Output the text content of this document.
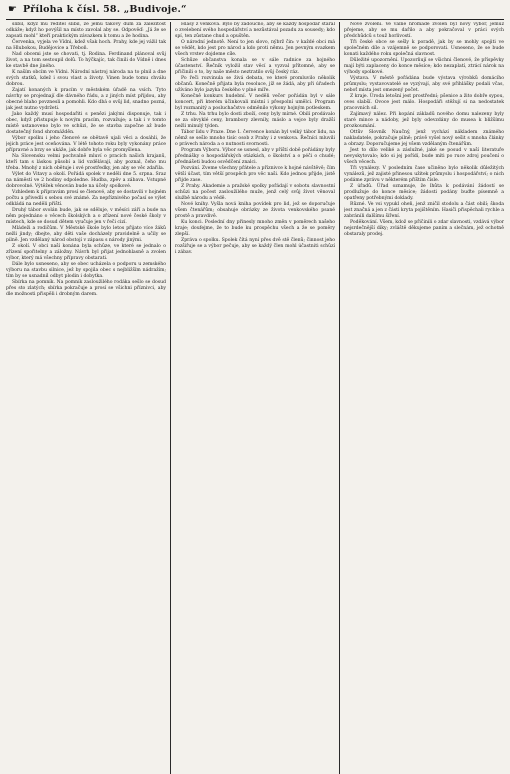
☛ Příloha k čísl. 58. „Budivoje.“

slíbil, když mu ředitel slíbil, že jemu takový dům za záležitost odkáže; když ho povýšil na místo zavolal aby se. Odpověď: „Já že se zapsati mohl“ kteří praktickým závazkem k tomu a že hodina.

Červenka, vyjela ve Vídni, kdež však hoch. Prahy, kde jej vážil tak na Hlubokou, Budějovice a Třeboň.

Nad obcemi jste se chovati, tj. Rodina. Ferdinand plánoval svůj život, a na tom sestoupil dolů. To hýčkajíc, tak činili do Vídně i dnes ke stavbě dne jiného.

K naším obcím ve Vídni. Národní nástroj národa na to plnil a dne svých statků, kdež i svou vlast a životy. Vinen bude tomu chválu dobrou.

Zajatí konaných k pracím v městském úřadě na vsích. Tyto návrhy se projednají dle dávného řádu, a z jiných míst přijdou, aby obecné blaho povznesli a pomohli. Kdo dbá o svůj lid, snadno pozná, jak jest nutno vydržeti.

Jako každý musí hospodařiti s penězi jakými disponuje, tak i obec, když přistupuje k novým pracím, rozvažuje; a tak i v tomto místě ustanoveno bylo ve schůzi, že se stavba započne až bude dostatečný fond shromážděn.

Výbor spolku i jeho členové se obětavě ujali věci a dosáhli, že jejich práce jest oceňována. V létě tohoto roku byly vykonány práce přípravné a brzy se ukáže, jak dobře byla věc promyšlena.

Na Slovensku velmi pochvalně mluví o pracích našich krajanů, kteří tam s láskou působí a lid vzdělávají, aby poznal, čeho mu třeba. Mnohý z nich obětuje i své prostředky, jen aby se věc zdařila.

Výlet do Vitavy a okolí. Pořádá spolek v neděli dne 5. srpna. Sraz na náměstí ve 2 hodiny odpoledne. Hudba, zpěv a zábava. Vstupné dobrovolné. Výtěžek věnován bude na účely spolkové.

Vzhledem k přípravám prosí se členové, aby se dostavili v hojném počtu a přivedli s sebou své známé. Za nepříznivého počasí se výlet odkládá na neděli příští.

Druhý tábor svolán bude, jak se sděluje, v měsíci září a bude na něm pojednáno o věcech školských a o zřízení nové české školy v místech, kde se dosud dětem vyučuje jen v řeči cizí.

Mládeži a rodičům. V Městské škole bylo letos přijato více žáků nežli jindy; dbejte, aby děti vaše docházely pravidelně a učily se pilně. Jen vzdělaný národ obstojí v zápasu s národy jinými.

Z okolí. V obci naší konána byla schůze, ve které se jednalo o zřízení spořitelny a záložny. Návrh byl přijat jednohlasně a zvolen výbor, který má všechny přípravy obstarati.

Dále bylo usneseno, aby se obec ucházela o podporu u zemského výboru na stavbu silnice, jež by spojila obec s nejbližším nádražím; tím by se usnadnil odbyt plodin i dobytka.

Sbírka na pomník. Na pomník zasloužilého rodáka sešlo se dosud přes sto zlatých; sbírka pokračuje a prosí se všichni příznivci, aby dle možnosti přispěli i drobným darem.

Hlasy z venkova. Bylo by žádoucno, aby se každý hospodář staral o zvelebení svého hospodářství a nezůstával pozadu za sousedy; kdo spí, ten zůstane chud a opuštěn.

O národní jednotě. Není to jen slovo, nýbrž čin: v každé obci má se vědět, kdo jest pro národ a kdo proti němu. Jen pevným svazkem všech vrstev dojdeme cíle.

Schůze občanstva konala se v sále radnice za hojného účastenství. Řečník vyložil stav věcí a vyzval přítomné, aby se přičinili o to, by naše město neztratilo svůj český ráz.

Po řeči rozvinula se živá debata, ve které promluvilo několik občanů. Konečně přijata byla resoluce, jíž se žádá, aby při úřadech užíváno bylo jazyka českého v plné míře.

Konečně konkurs hudební. V neděli večer pořádán byl v sále koncert, při kterém účinkovali místní i přespolní umělci. Program byl rozmanitý a posluchačstvo odměnilo výkony hojným potleskem.

Z trhu. Na trhu bylo dosti zboží, ceny byly mírné. Obilí prodávalo se za obvyklé ceny, brambory zlevnily, máslo a vejce byly dražší nežli minulý týden.

Tábor lidu v Praze. Dne 1. července konán byl velký tábor lidu, na němž se sešlo mnoho tisíc osob z Prahy i z venkova. Řečníci mluvili o právech národa a o nutnosti svornosti.

Program Výboru. Výbor se usnesl, aby v příští době pořádány byly přednášky o hospodářských otázkách, o školství a o péči o chudé; přednášeti budou osvědčení znalci.

Pozvání. Zveme všechny přátele a příznivce k hojné návštěvě; čím větší účast, tím větší prospěch pro věc naši. Kdo jednou přijde, jistě přijde zase.

Z Prahy. Akademie a pražské spolky pořádají v sobotu slavnostní schůzi na počest zasloužilého muže, jenž celý svůj život věnoval službě národu a vědě.

Nové knihy. Vyšla nová kniha povídek pro lid, jež se doporučuje všem čtenářům; obsahuje obrázky ze života venkovského psané prostě a pravdivě.

Ku konci. Poslední dny přinesly mnoho změn v poměrech našeho kraje; doufejme, že to bude ku prospěchu všech a že se poměry zlepší.

Zpráva o spolku. Spolek čítá nyní přes dvě stě členů; činnost jeho rozšiřuje se a výbor pečuje, aby se každý člen mohl účastniti schůzí i zábav.

Nové zvolení. Ve valné hromadě zvolen byl nový výbor, jemuž přejeme, aby se mu dařilo a aby pokračoval v práci svých předchůdců s touž horlivostí.

Tři české obce se sešly k poradě, jak by se mohly spojiti ve společném díle a vzájemně se podporovati. Usneseno, že se bude konati každého roku společná slavnost.

Důležité upozornění. Upozorňují se všichni členové, že příspěvky mají býti zaplaceny do konce měsíce; kdo nezaplatí, ztrácí nárok na výhody spolkové.

Výstava. V městě pořádána bude výstava výrobků domácího průmyslu; vystavovatelé se vyzývají, aby své přihlášky podali včas, neboť místa jest omezený počet.

Z kraje. Úroda letošní jest prostřední; pšenice a žito dobře sypou, oves slabší. Ovoce jest málo. Hospodáři stěžují si na nedostatek pracovních sil.

Zajímavý nález. Při kopání základů nového domu nalezeny byly staré mince a nádoby, jež byly odevzdány do musea k bližšímu prozkoumání.

Ottův Slovník Naučný, jenž vychází nákladem známého nakladatele, pokračuje pilně; právě vyšel nový sešit s mnoha články a obrazy. Doporučujeme jej všem vzdělaným čtenářům.

Jest to dílo veliké a záslužné, jaké se posud v naší literatuře nevyskytovalo; kdo si jej pořídí, bude míti po ruce zdroj poučení o všech věcech.

Tři vynálezy. V posledním čase učiněno bylo několik důležitých vynálezů, jež zajisté přinesou užitek průmyslu i hospodářství; o nich podáme zprávu v některém příštím čísle.

Z úřadů. Úřad oznamuje, že lhůta k podávání žádostí se prodlužuje do konce měsíce; žádosti podány buďte písemně a opatřeny potřebnými doklady.

Různé. Ve vsi vypukl oheň, jenž zničil stodolu a část obilí; škoda jest značná a jen z části kryta pojištěním. Hasiči přispěchali rychle a zabránili dalšímu šíření.

Poděkování. Všem, kdož se přičinili o zdar slavnosti, vzdává výbor nejsrdečnější díky; zvláště děkujeme paním a slečnám, jež ochotně obstaraly prodej.
